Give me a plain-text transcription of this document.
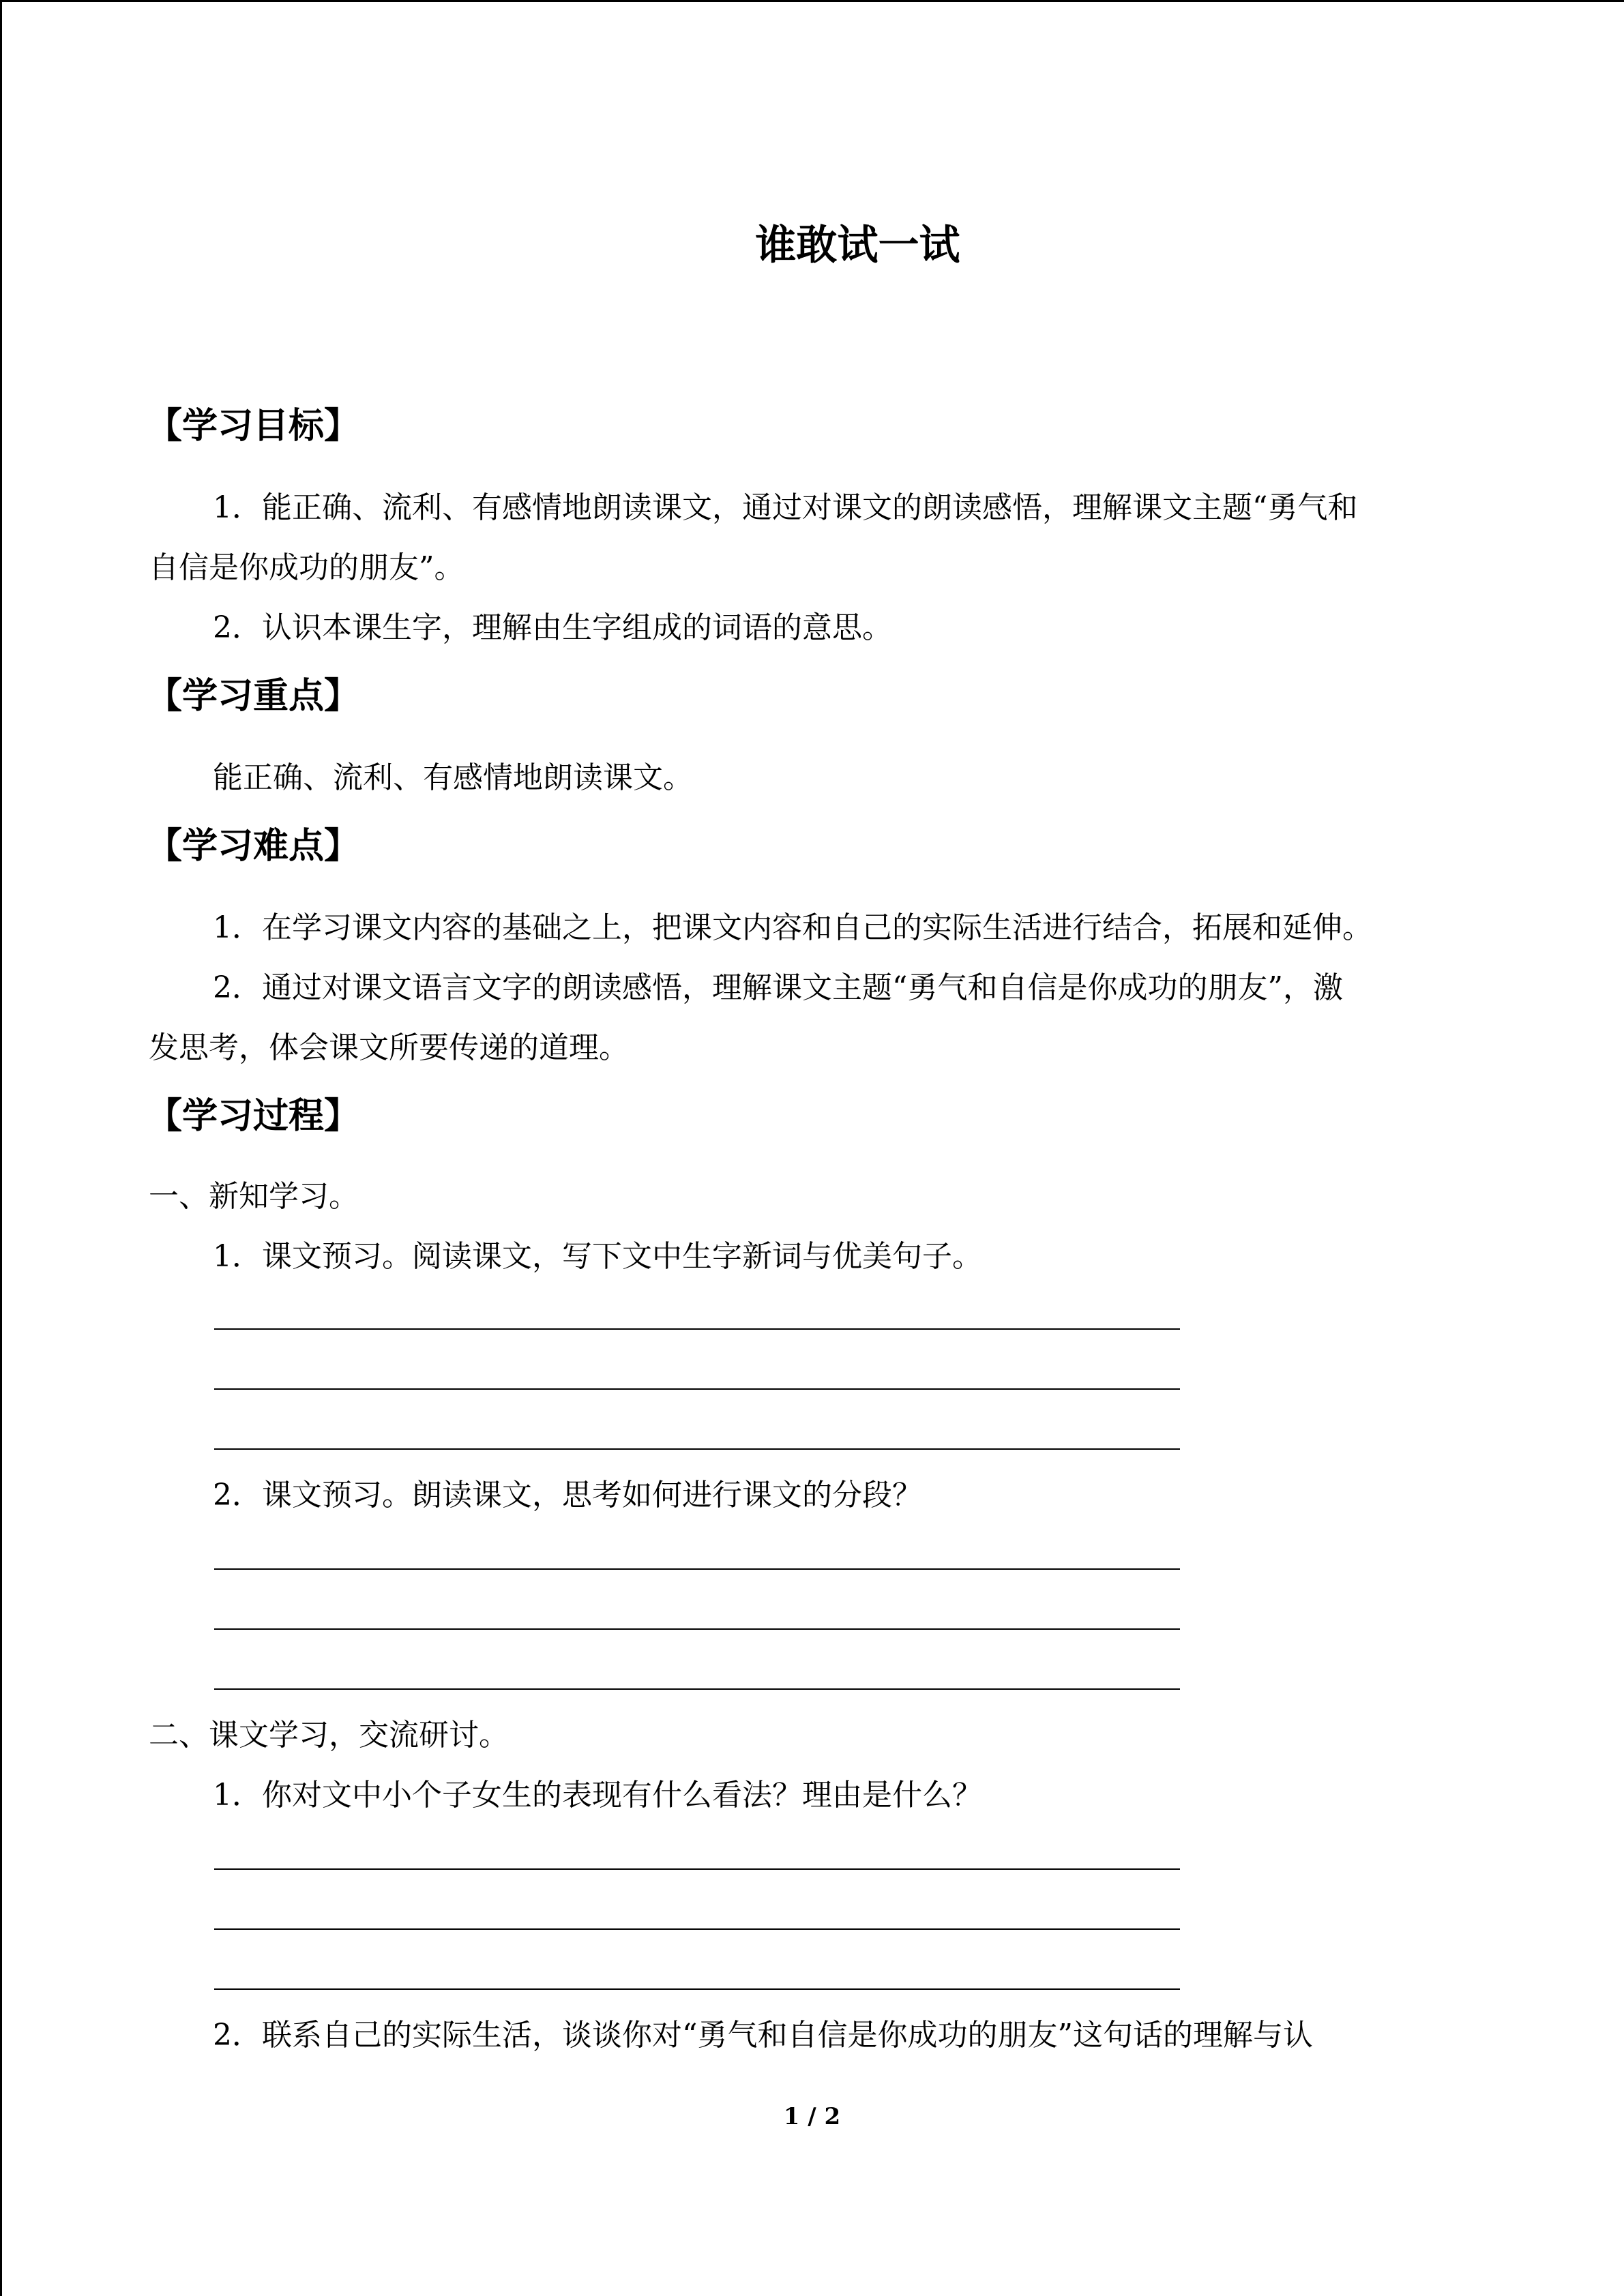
谁敢试一试
【学习目标】
1．能正确、流利、有感情地朗读课文，通过对课文的朗读感悟，理解课文主题“勇气和
自信是你成功的朋友”。
2．认识本课生字，理解由生字组成的词语的意思。
【学习重点】
能正确、流利、有感情地朗读课文。
【学习难点】
1．在学习课文内容的基础之上，把课文内容和自己的实际生活进行结合，拓展和延伸。
2．通过对课文语言文字的朗读感悟，理解课文主题“勇气和自信是你成功的朋友”，激
发思考，体会课文所要传递的道理。
【学习过程】
一、新知学习。
1．课文预习。阅读课文，写下文中生字新词与优美句子。
2．课文预习。朗读课文，思考如何进行课文的分段？
二、课文学习，交流研讨。
1．你对文中小个子女生的表现有什么看法？理由是什么？
2．联系自己的实际生活，谈谈你对“勇气和自信是你成功的朋友”这句话的理解与认
1 / 2
